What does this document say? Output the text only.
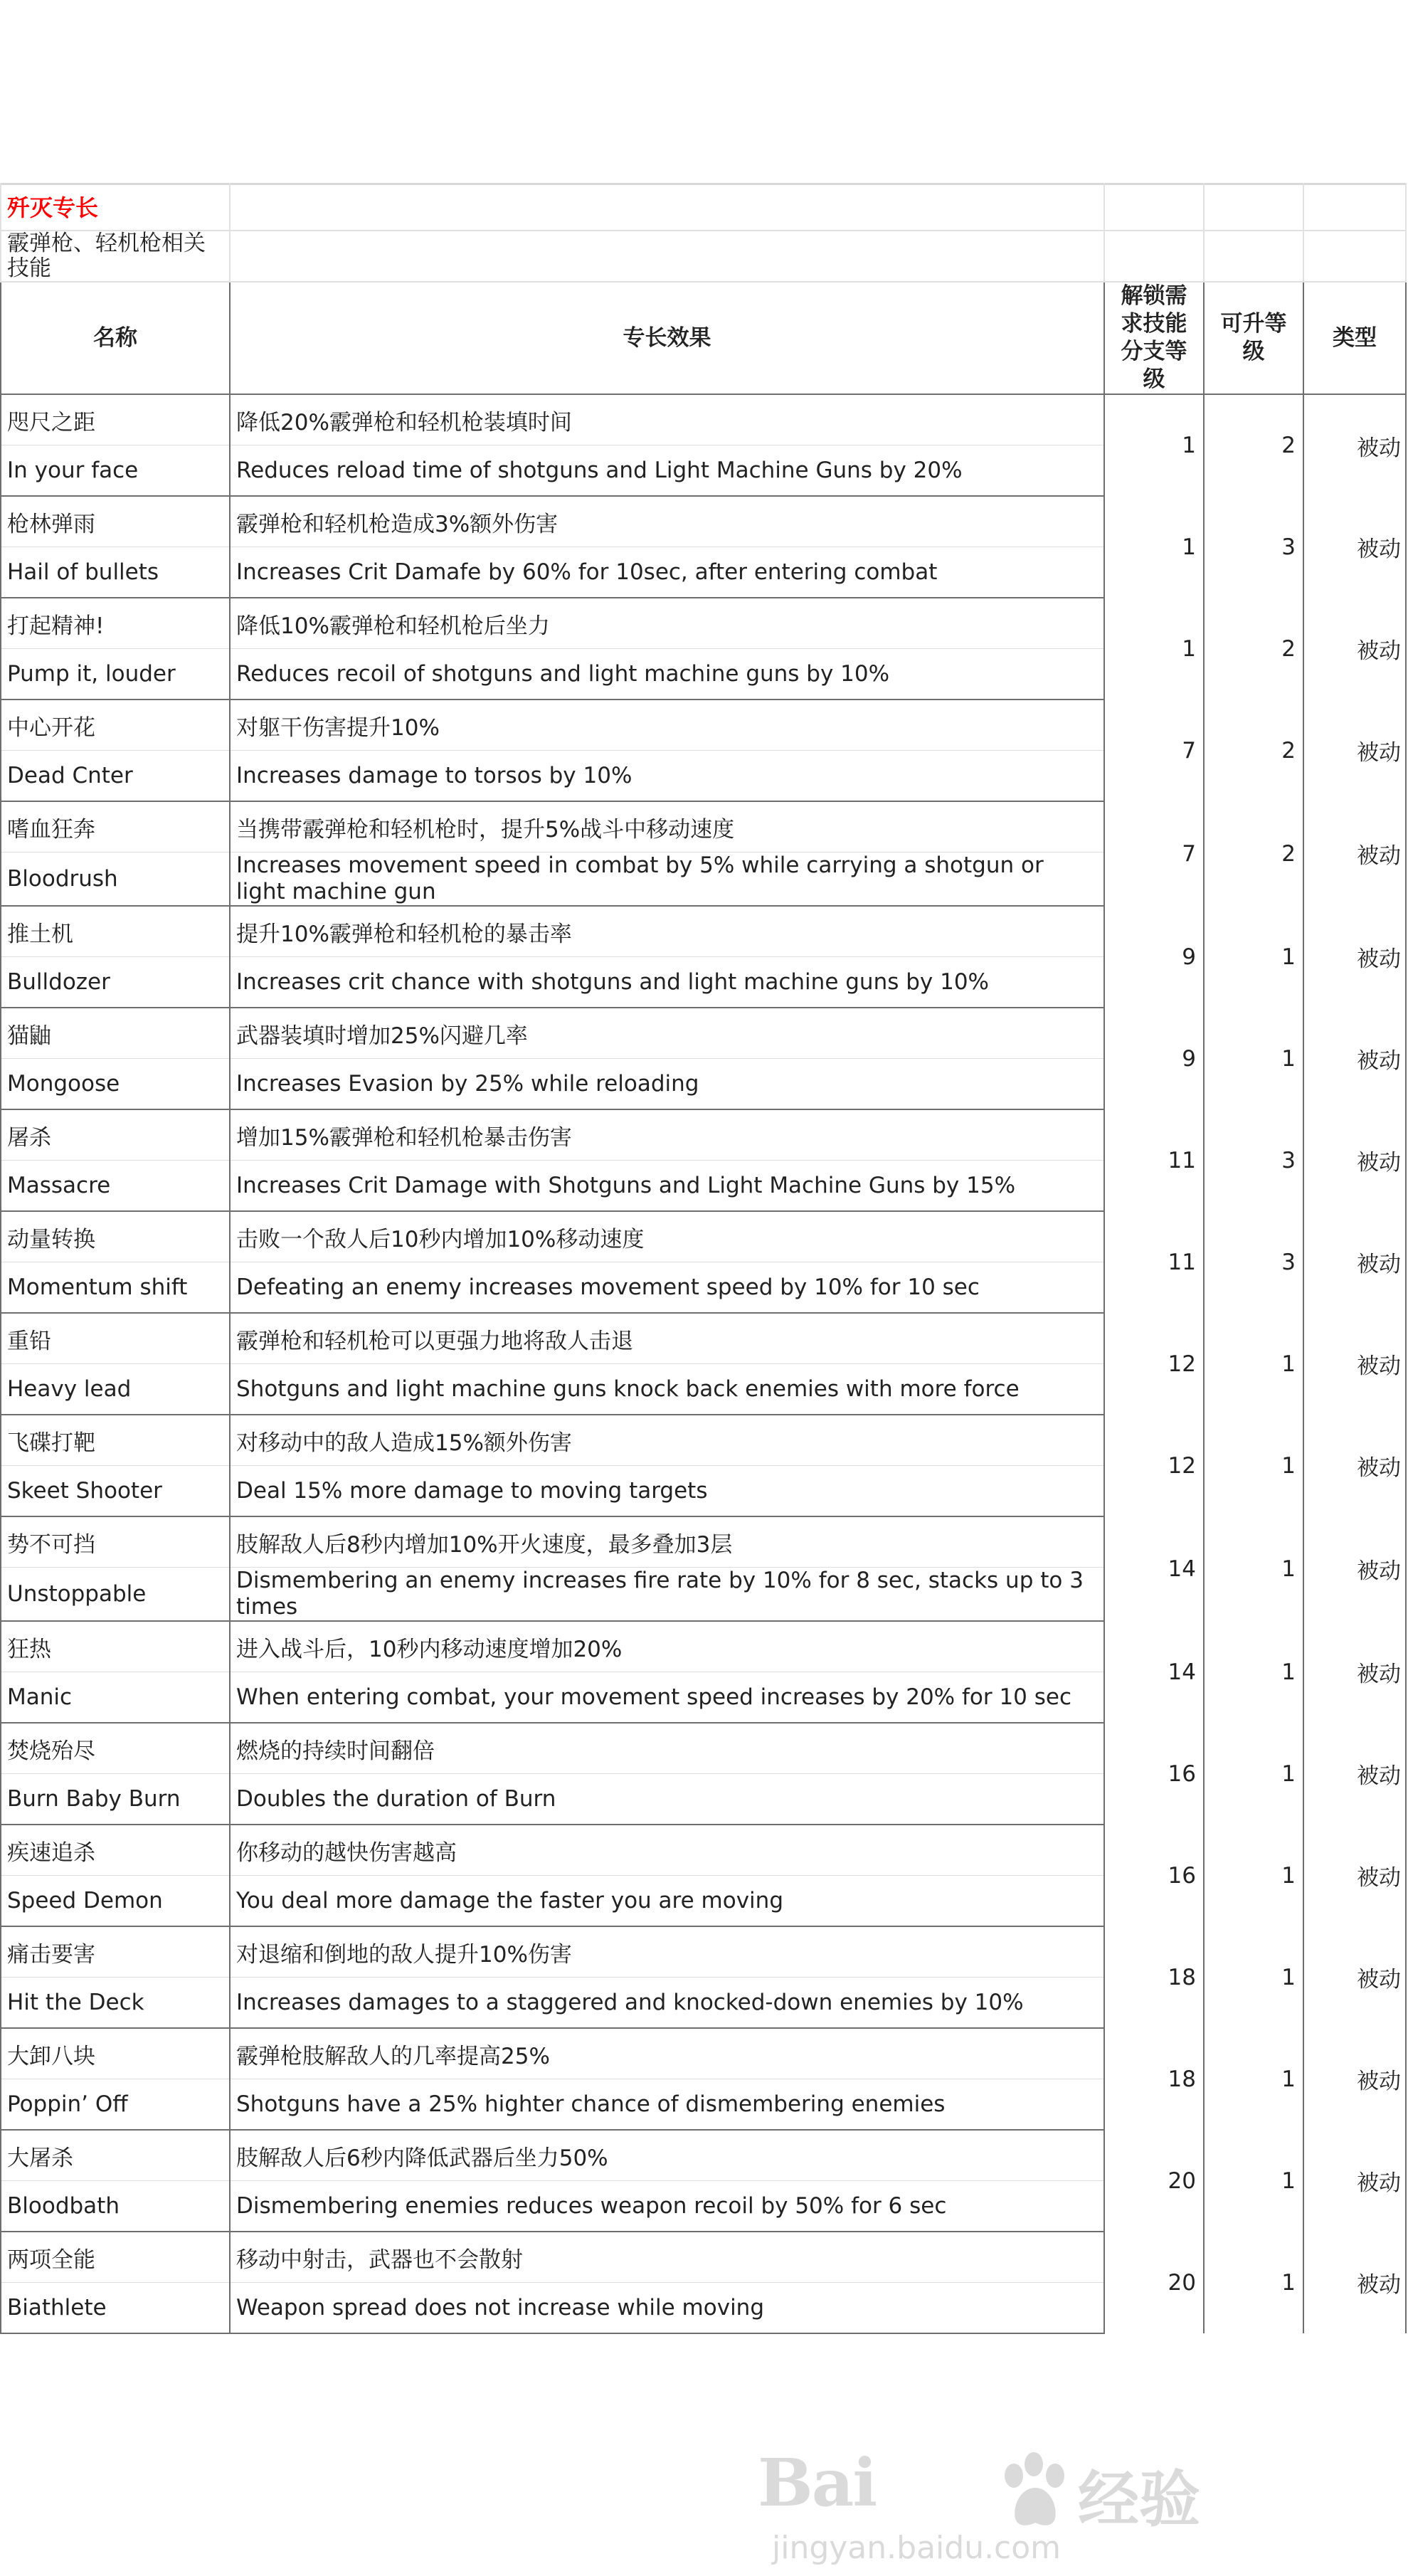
歼灭专长				
霰弹枪、轻机枪相关技能				
名称	专长效果	解锁需求技能分支等级	可升等级	类型
咫尺之距	降低20%霰弹枪和轻机枪装填时间	1	2	被动
In your face	Reduces reload time of shotguns and Light Machine Guns by 20%			
枪林弹雨	霰弹枪和轻机枪造成3%额外伤害	1	3	被动
Hail of bullets	Increases Crit Damafe by 60% for 10sec, after entering combat			
打起精神!	降低10%霰弹枪和轻机枪后坐力	1	2	被动
Pump it, louder	Reduces recoil of shotguns and light machine guns by 10%			
中心开花	对躯干伤害提升10%	7	2	被动
Dead Cnter	Increases damage to torsos by 10%			
嗜血狂奔	当携带霰弹枪和轻机枪时，提升5%战斗中移动速度	7	2	被动
Bloodrush	Increases movement speed in combat by 5% while carrying a shotgun or light machine gun			
推土机	提升10%霰弹枪和轻机枪的暴击率	9	1	被动
Bulldozer	Increases crit chance with shotguns and light machine guns by 10%			
猫鼬	武器装填时增加25%闪避几率	9	1	被动
Mongoose	Increases Evasion by 25% while reloading			
屠杀	增加15%霰弹枪和轻机枪暴击伤害	11	3	被动
Massacre	Increases Crit Damage with Shotguns and Light Machine Guns by 15%			
动量转换	击败一个敌人后10秒内增加10%移动速度	11	3	被动
Momentum shift	Defeating an enemy increases movement speed by 10% for 10 sec			
重铅	霰弹枪和轻机枪可以更强力地将敌人击退	12	1	被动
Heavy lead	Shotguns and light machine guns knock back enemies with more force			
飞碟打靶	对移动中的敌人造成15%额外伤害	12	1	被动
Skeet Shooter	Deal 15% more damage to moving targets			
势不可挡	肢解敌人后8秒内增加10%开火速度，最多叠加3层	14	1	被动
Unstoppable	Dismembering an enemy increases fire rate by 10% for 8 sec, stacks up to 3 times			
狂热	进入战斗后，10秒内移动速度增加20%	14	1	被动
Manic	When entering combat, your movement speed increases by 20% for 10 sec			
焚烧殆尽	燃烧的持续时间翻倍	16	1	被动
Burn Baby Burn	Doubles the duration of Burn			
疾速追杀	你移动的越快伤害越高	16	1	被动
Speed Demon	You deal more damage the faster you are moving			
痛击要害	对退缩和倒地的敌人提升10%伤害	18	1	被动
Hit the Deck	Increases damages to a staggered and knocked-down enemies by 10%			
大卸八块	霰弹枪肢解敌人的几率提高25%	18	1	被动
Poppin’ Off	Shotguns have a 25% highter chance of dismembering enemies			
大屠杀	肢解敌人后6秒内降低武器后坐力50%	20	1	被动
Bloodbath	Dismembering enemies reduces weapon recoil by 50% for 6 sec			
两项全能	移动中射击，武器也不会散射	20	1	被动
Biathlete	Weapon spread does not increase while moving			
Bai	经验
jingyan.baidu.com
